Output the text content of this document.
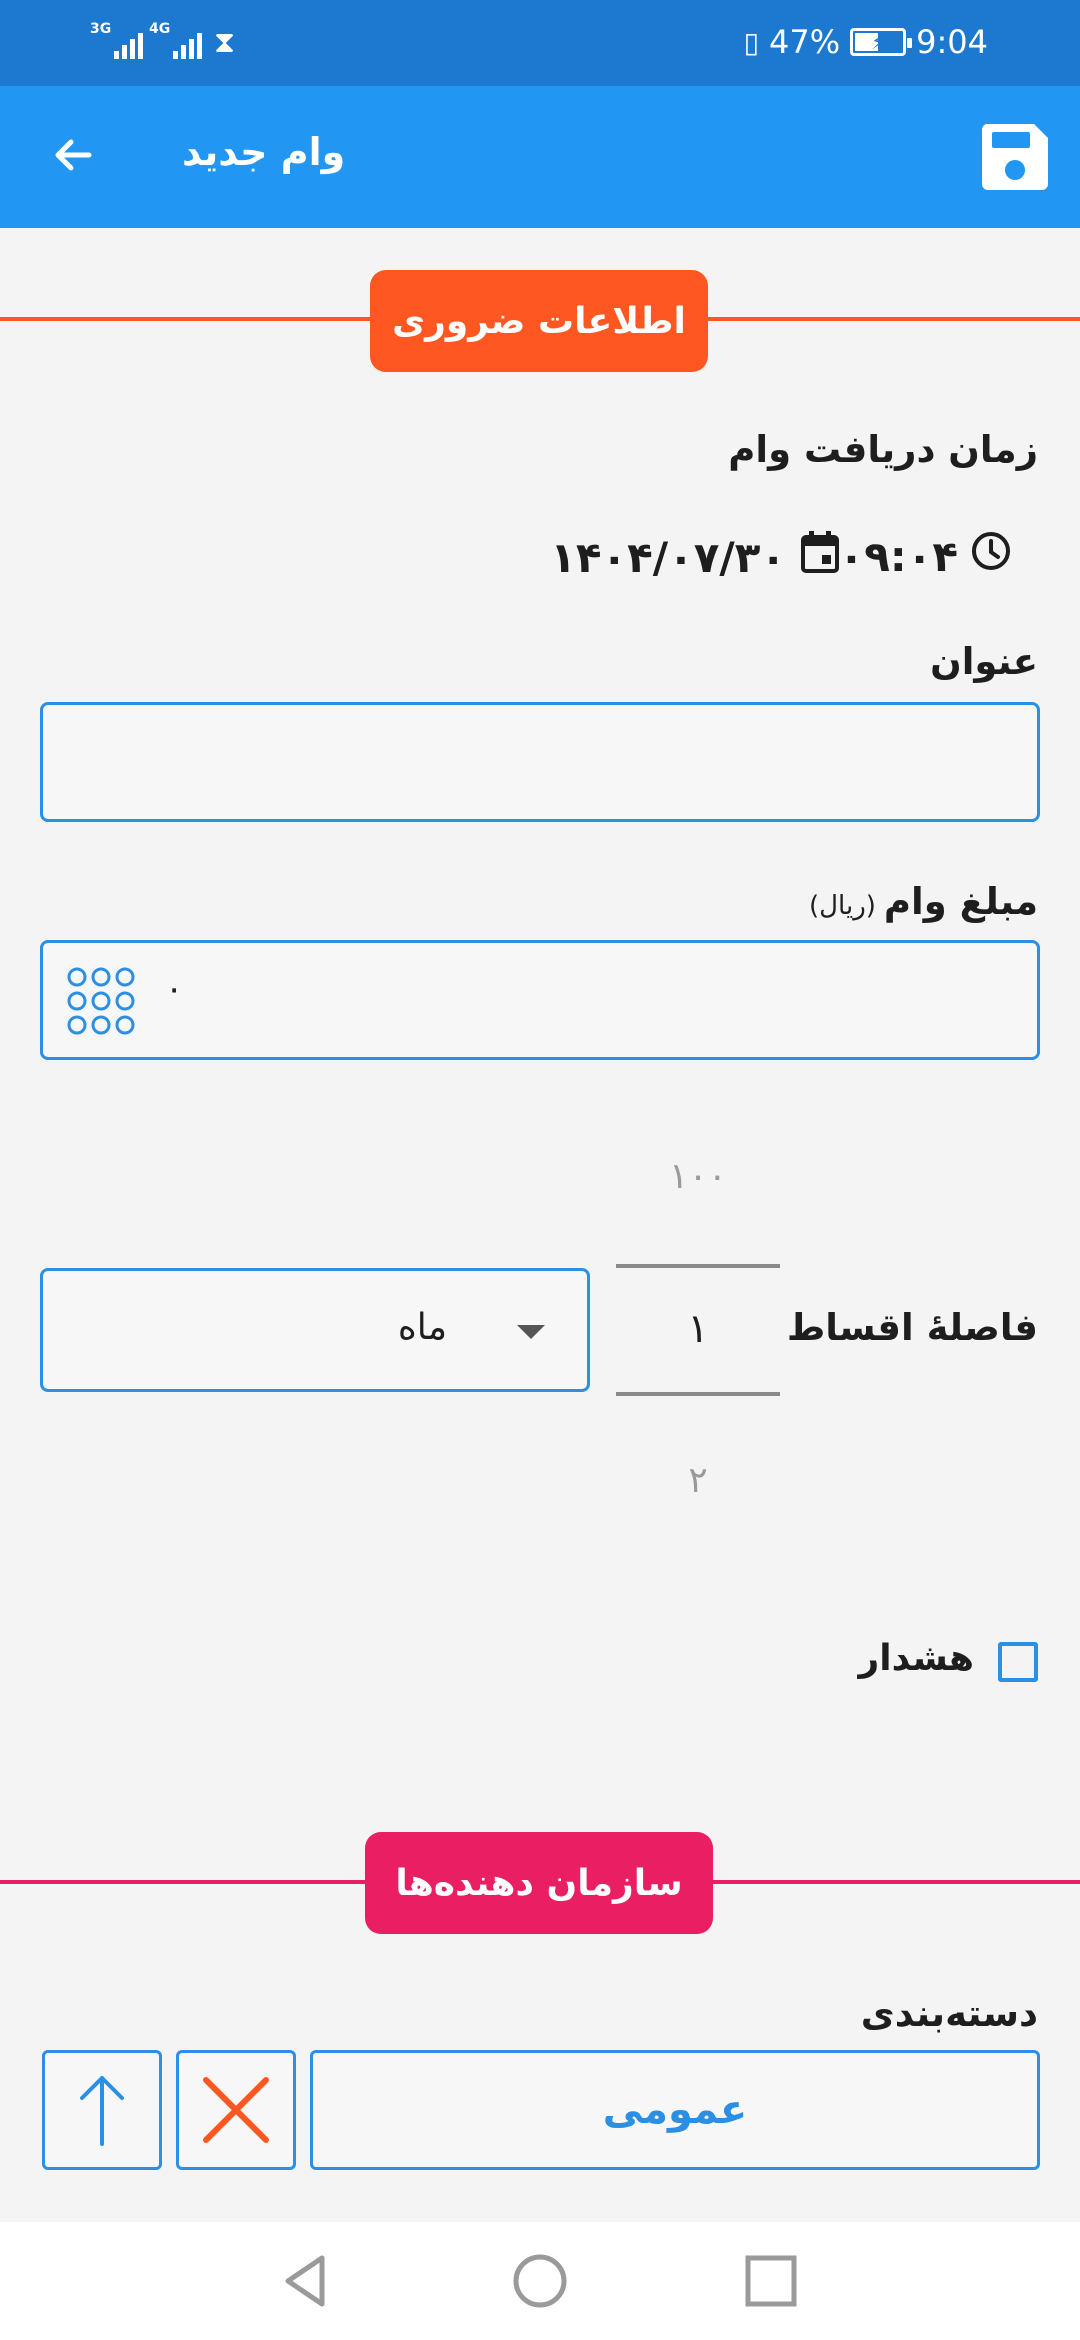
3G	4G ⧗	▯ 47% ⚡ 9:04
وام جدید
اطلاعات ضروری
زمان دریافت وام
۱۴۰۴/۰۷/۳۰ ۰۹:۰۴
عنوان
مبلغ وام(ریال)
۰
۱۰۰
۱
۲
فاصلهٔ اقساط
ماه
هشدار
سازمان دهنده‌ها
دسته‌بندی
عمومی
